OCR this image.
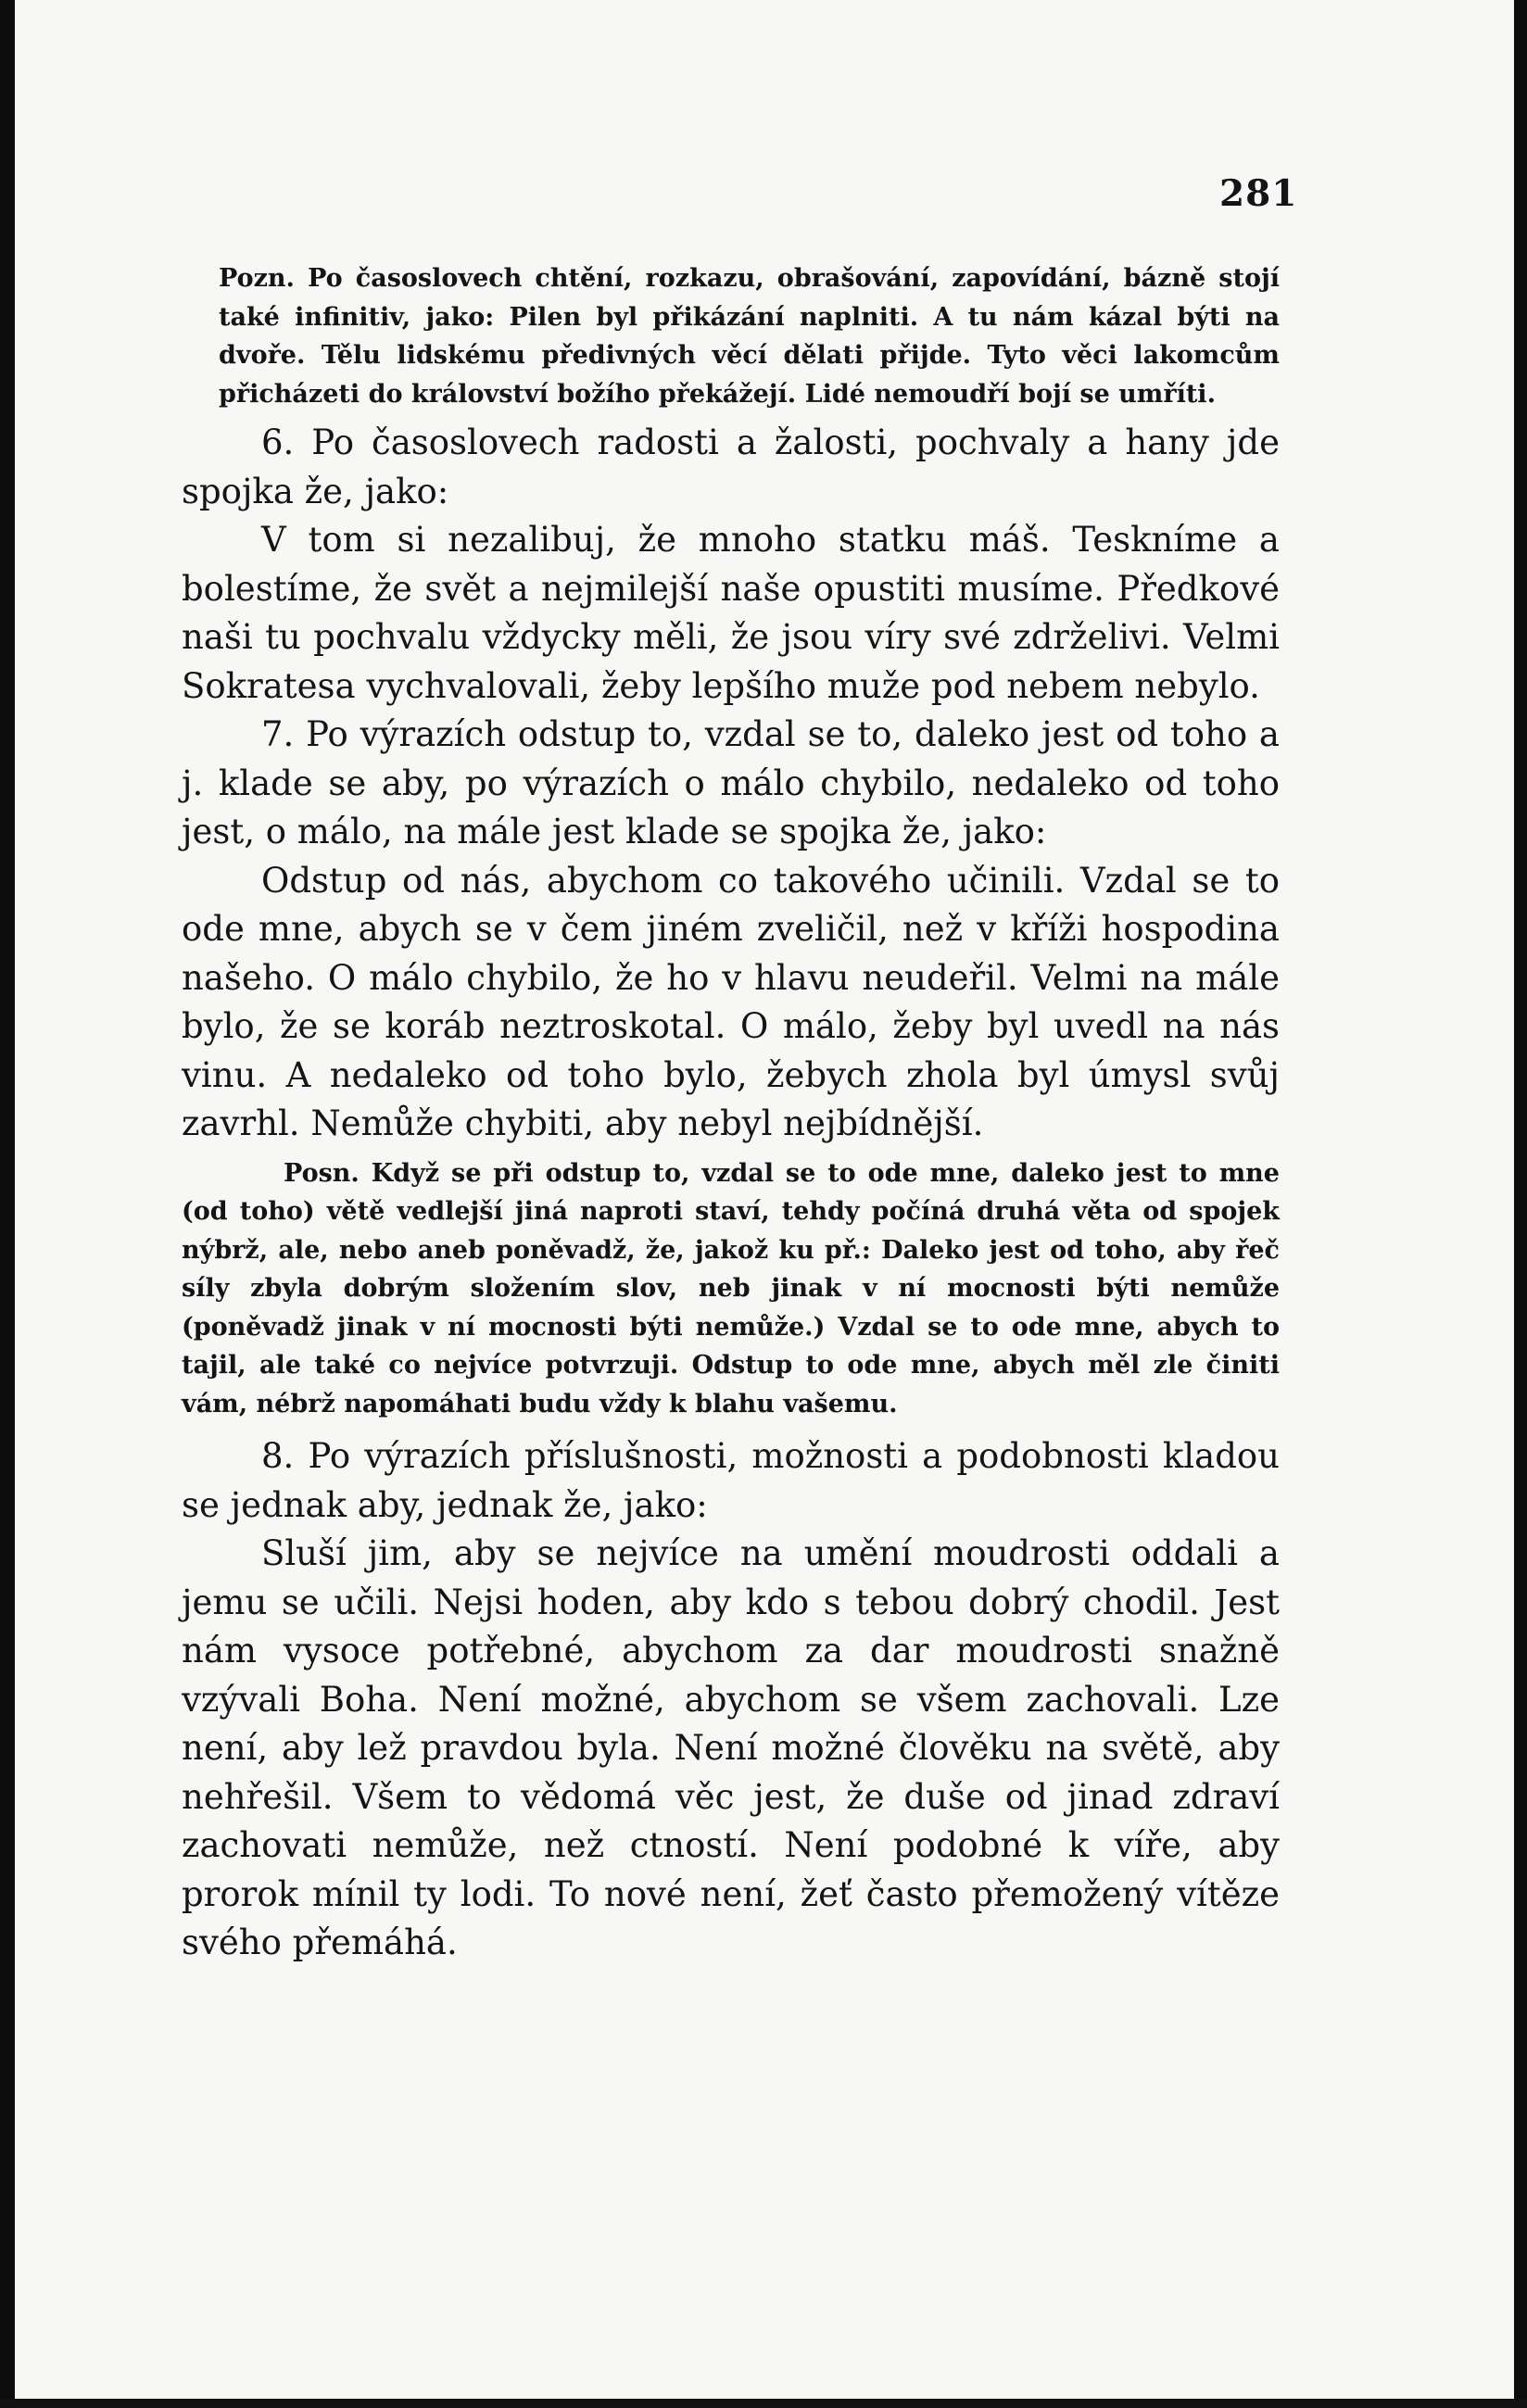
281

Pozn. Po časoslovech chtění, rozkazu, obrašování, zapovídání, bázně stojí také infinitiv, jako: Pilen byl přikázání naplniti. A tu nám kázal býti na dvoře. Tělu lidskému předivných věcí dělati přijde. Tyto věci lakomcům přicházeti do království božího překážejí. Lidé nemoudří bojí se umříti.

6. Po časoslovech radosti a žalosti, pochvaly a hany jde spojka že, jako:

V tom si nezalibuj, že mnoho statku máš. Teskníme a bolestíme, že svět a nejmilejší naše opustiti musíme. Předkové naši tu pochvalu vždycky měli, že jsou víry své zdrželivi. Velmi Sokratesa vychvalovali, žeby lepšího muže pod nebem nebylo.

7. Po výrazích odstup to, vzdal se to, daleko jest od toho a j. klade se aby, po výrazích o málo chybilo, nedaleko od toho jest, o málo, na mále jest klade se spojka že, jako:

Odstup od nás, abychom co takového učinili. Vzdal se to ode mne, abych se v čem jiném zveličil, než v kříži hospodina našeho. O málo chybilo, že ho v hlavu neudeřil. Velmi na mále bylo, že se koráb neztroskotal. O málo, žeby byl uvedl na nás vinu. A nedaleko od toho bylo, žebych zhola byl úmysl svůj zavrhl. Nemůže chybiti, aby nebyl nejbídnější.

Posn. Když se při odstup to, vzdal se to ode mne, daleko jest to mne (od toho) větě vedlejší jiná naproti staví, tehdy počíná druhá věta od spojek nýbrž, ale, nebo aneb poněvadž, že, jakož ku př.: Daleko jest od toho, aby řeč síly zbyla dobrým složením slov, neb jinak v ní mocnosti býti nemůže (poněvadž jinak v ní mocnosti býti nemůže.) Vzdal se to ode mne, abych to tajil, ale také co nejvíce potvrzuji. Odstup to ode mne, abych měl zle činiti vám, nébrž napomáhati budu vždy k blahu vašemu.

8. Po výrazích příslušnosti, možnosti a podobnosti kladou se jednak aby, jednak že, jako:

Sluší jim, aby se nejvíce na umění moudrosti oddali a jemu se učili. Nejsi hoden, aby kdo s tebou dobrý chodil. Jest nám vysoce potřebné, abychom za dar moudrosti snažně vzývali Boha. Není možné, abychom se všem zachovali. Lze není, aby lež pravdou byla. Není možné člověku na světě, aby nehřešil. Všem to vědomá věc jest, že duše od jinad zdraví zachovati nemůže, než ctností. Není podobné k víře, aby prorok mínil ty lodi. To nové není, žeť často přemožený vítěze svého přemáhá.
